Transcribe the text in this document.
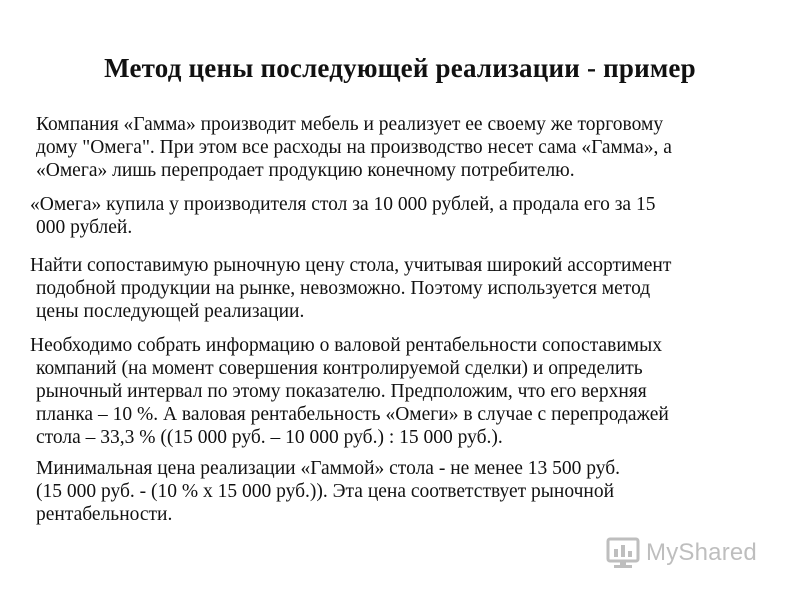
Метод цены последующей реализации - пример

Компания «Гамма» производит мебель и реализует ее своему же торговому
дому "Омега". При этом все расходы на производство несет сама «Гамма», а
«Омега» лишь перепродает продукцию конечному потребителю.

«Омега» купила у производителя стол за 10 000 рублей, а продала его за 15
000 рублей.

Найти сопоставимую рыночную цену стола, учитывая широкий ассортимент
подобной продукции на рынке, невозможно. Поэтому используется метод
цены последующей реализации.

Необходимо собрать информацию о валовой рентабельности сопоставимых
компаний (на момент совершения контролируемой сделки) и определить
рыночный интервал по этому показателю. Предположим, что его верхняя
планка – 10 %. А валовая рентабельность «Омеги» в случае с перепродажей
стола – 33,3 % ((15 000 руб. – 10 000 руб.) : 15 000 руб.).

Минимальная цена реализации «Гаммой» стола - не менее 13 500 руб.
(15 000 руб. - (10 % х 15 000 руб.)). Эта цена соответствует рыночной
рентабельности.

MyShared
